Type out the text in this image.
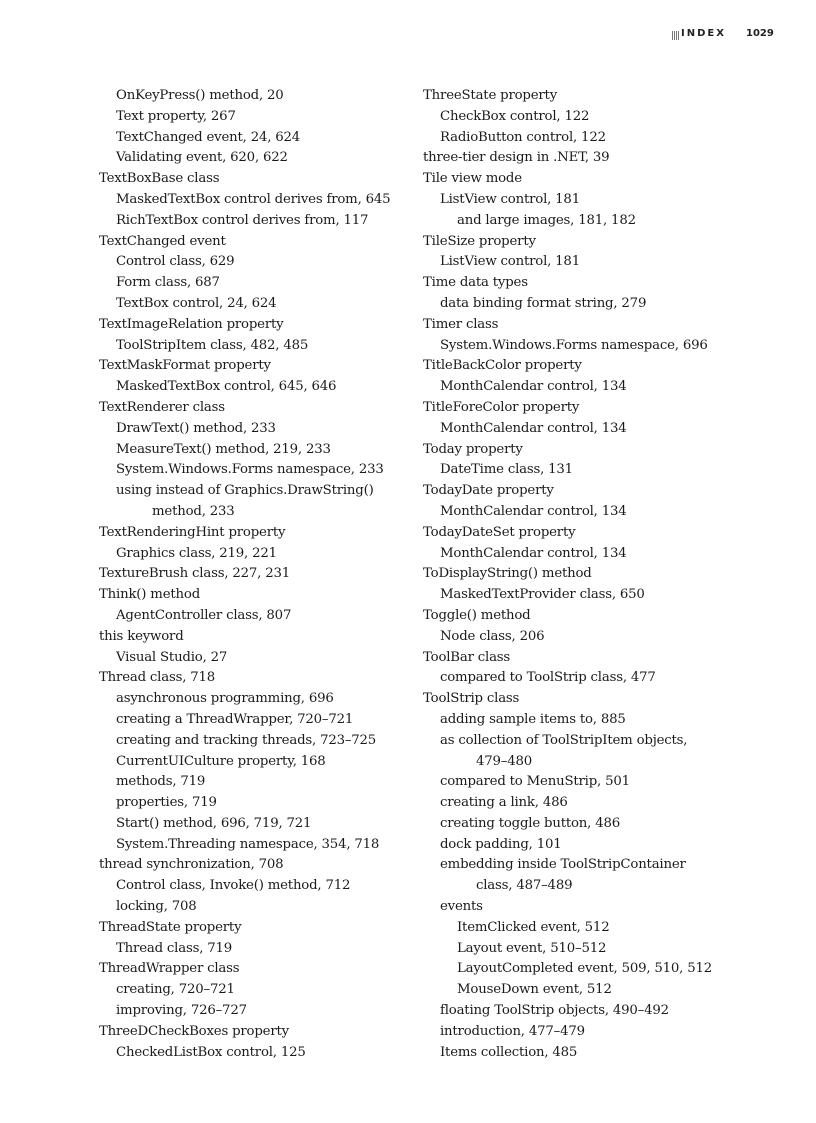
INDEX 1029
OnKeyPress() method, 20
Text property, 267
TextChanged event, 24, 624
Validating event, 620, 622
TextBoxBase class
MaskedTextBox control derives from, 645
RichTextBox control derives from, 117
TextChanged event
Control class, 629
Form class, 687
TextBox control, 24, 624
TextImageRelation property
ToolStripItem class, 482, 485
TextMaskFormat property
MaskedTextBox control, 645, 646
TextRenderer class
DrawText() method, 233
MeasureText() method, 219, 233
System.Windows.Forms namespace, 233
using instead of Graphics.DrawString()
method, 233
TextRenderingHint property
Graphics class, 219, 221
TextureBrush class, 227, 231
Think() method
AgentController class, 807
this keyword
Visual Studio, 27
Thread class, 718
asynchronous programming, 696
creating a ThreadWrapper, 720–721
creating and tracking threads, 723–725
CurrentUICulture property, 168
methods, 719
properties, 719
Start() method, 696, 719, 721
System.Threading namespace, 354, 718
thread synchronization, 708
Control class, Invoke() method, 712
locking, 708
ThreadState property
Thread class, 719
ThreadWrapper class
creating, 720–721
improving, 726–727
ThreeDCheckBoxes property
CheckedListBox control, 125
ThreeState property
CheckBox control, 122
RadioButton control, 122
three-tier design in .NET, 39
Tile view mode
ListView control, 181
and large images, 181, 182
TileSize property
ListView control, 181
Time data types
data binding format string, 279
Timer class
System.Windows.Forms namespace, 696
TitleBackColor property
MonthCalendar control, 134
TitleForeColor property
MonthCalendar control, 134
Today property
DateTime class, 131
TodayDate property
MonthCalendar control, 134
TodayDateSet property
MonthCalendar control, 134
ToDisplayString() method
MaskedTextProvider class, 650
Toggle() method
Node class, 206
ToolBar class
compared to ToolStrip class, 477
ToolStrip class
adding sample items to, 885
as collection of ToolStripItem objects,
479–480
compared to MenuStrip, 501
creating a link, 486
creating toggle button, 486
dock padding, 101
embedding inside ToolStripContainer
class, 487–489
events
ItemClicked event, 512
Layout event, 510–512
LayoutCompleted event, 509, 510, 512
MouseDown event, 512
floating ToolStrip objects, 490–492
introduction, 477–479
Items collection, 485
